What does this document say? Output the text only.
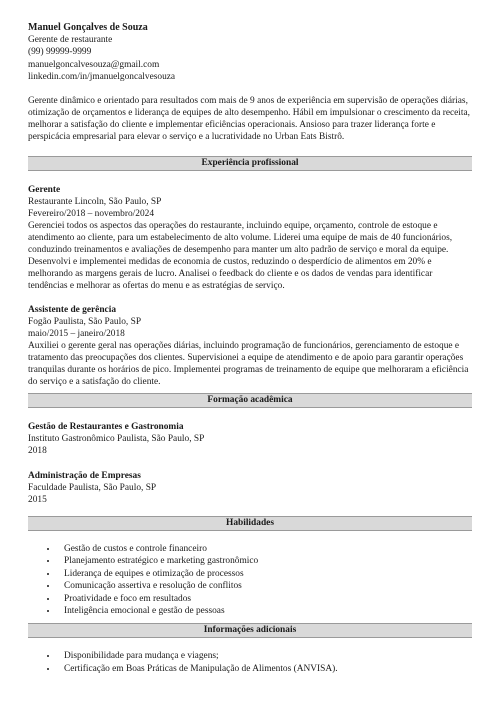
Manuel Gonçalves de Souza
Gerente de restaurante
(99) 99999-9999
manuelgoncalvesouza@gmail.com
linkedin.com/in/jmanuelgoncalvesouza
Gerente dinâmico e orientado para resultados com mais de 9 anos de experiência em supervisão de operações diárias, otimização de orçamentos e liderança de equipes de alto desempenho. Hábil em impulsionar o crescimento da receita, melhorar a satisfação do cliente e implementar eficiências operacionais. Ansioso para trazer liderança forte e perspicácia empresarial para elevar o serviço e a lucratividade no Urban Eats Bistrô.
Experiência profissional
Gerente
Restaurante Lincoln, São Paulo, SP
Fevereiro/2018 – novembro/2024

Gerenciei todos os aspectos das operações do restaurante, incluindo equipe, orçamento, controle de estoque e atendimento ao cliente, para um estabelecimento de alto volume. Liderei uma equipe de mais de 40 funcionários, conduzindo treinamentos e avaliações de desempenho para manter um alto padrão de serviço e moral da equipe. Desenvolvi e implementei medidas de economia de custos, reduzindo o desperdício de alimentos em 20% e melhorando as margens gerais de lucro. Analisei o feedback do cliente e os dados de vendas para identificar tendências e melhorar as ofertas do menu e as estratégias de serviço.

Assistente de gerência
Fogão Paulista, São Paulo, SP
maio/2015 – janeiro/2018

Auxiliei o gerente geral nas operações diárias, incluindo programação de funcionários, gerenciamento de estoque e tratamento das preocupações dos clientes. Supervisionei a equipe de atendimento e de apoio para garantir operações tranquilas durante os horários de pico. Implementei programas de treinamento de equipe que melhoraram a eficiência do serviço e a satisfação do cliente.

Formação acadêmica
Gestão de Restaurantes e Gastronomia
Instituto Gastronômico Paulista, São Paulo, SP
2018
Administração de Empresas
Faculdade Paulista, São Paulo, SP
2015
Habilidades
• Gestão de custos e controle financeiro
• Planejamento estratégico e marketing gastronômico
• Liderança de equipes e otimização de processos
• Comunicação assertiva e resolução de conflitos
• Proatividade e foco em resultados
• Inteligência emocional e gestão de pessoas
Informações adicionais
• Disponibilidade para mudança e viagens;
• Certificação em Boas Práticas de Manipulação de Alimentos (ANVISA).
